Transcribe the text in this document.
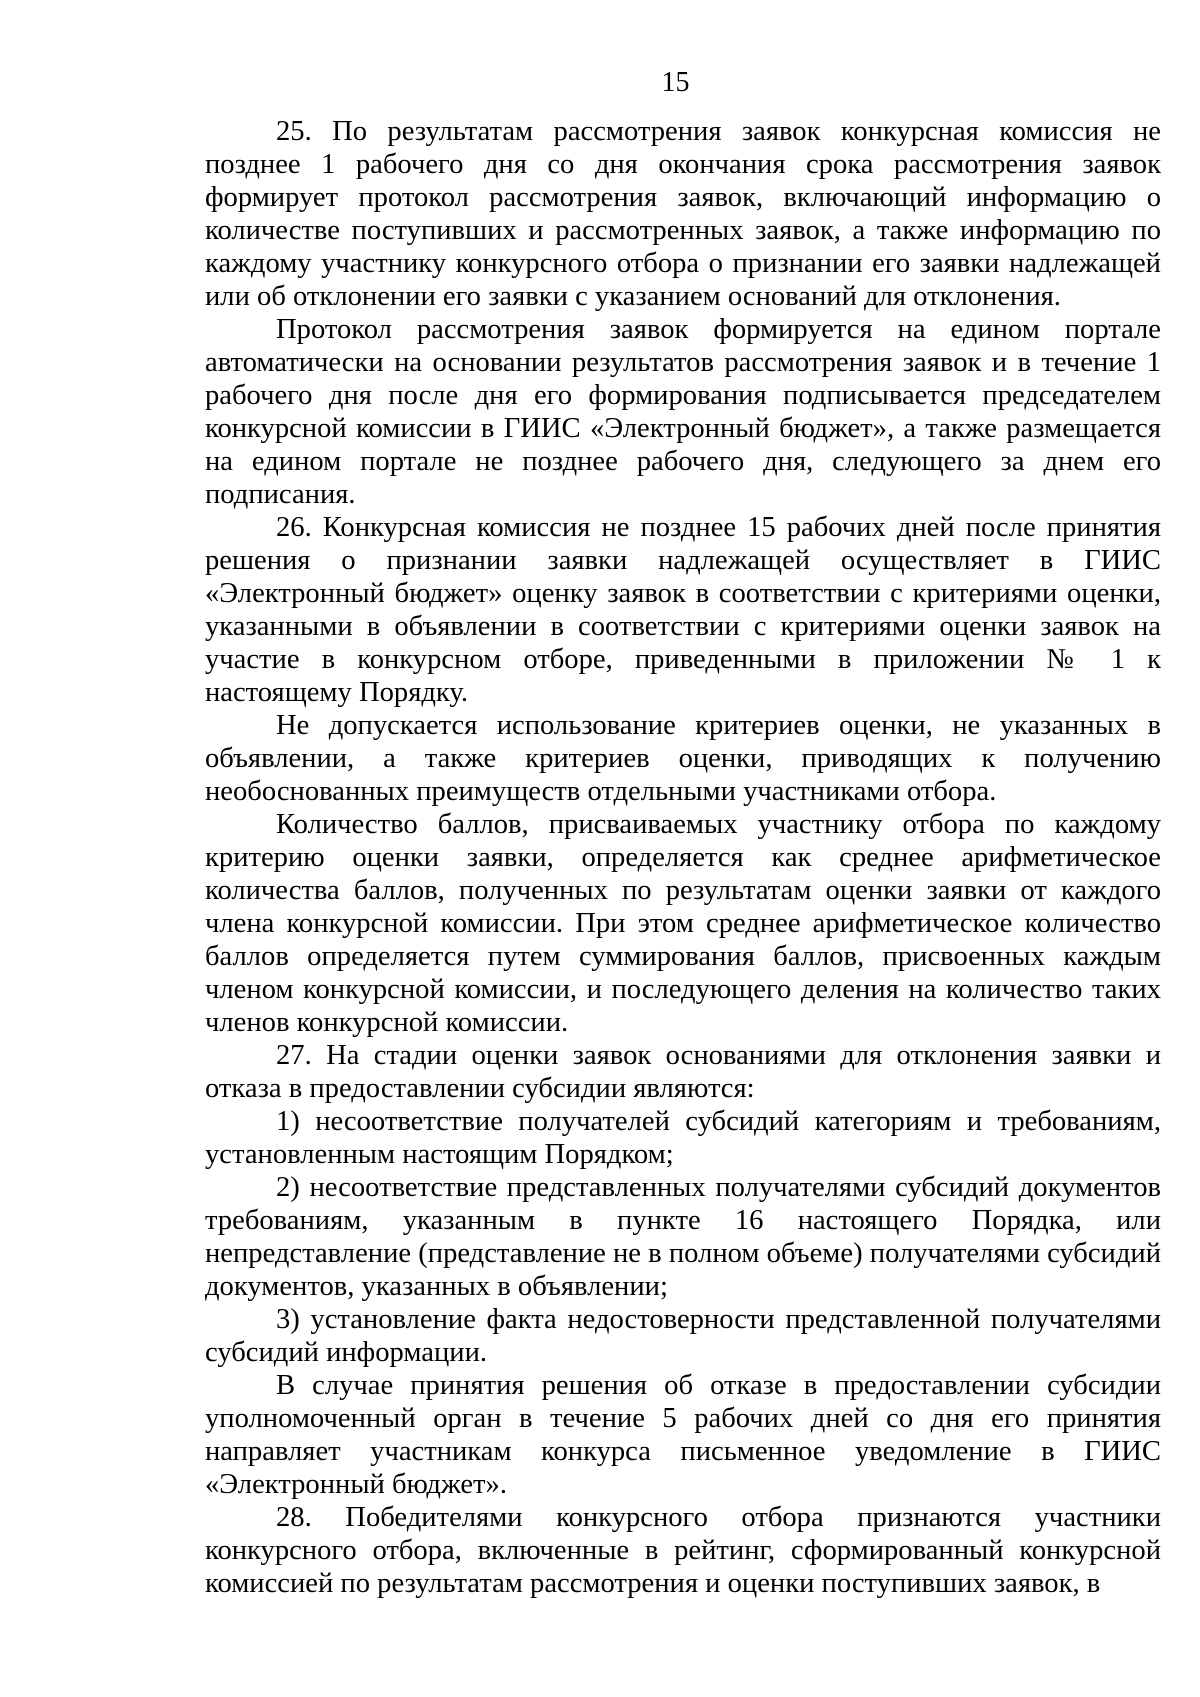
15

25. По результатам рассмотрения заявок конкурсная комиссия не позднее 1 рабочего дня со дня окончания срока рассмотрения заявок формирует протокол рассмотрения заявок, включающий информацию о количестве поступивших и рассмотренных заявок, а также информацию по каждому участнику конкурсного отбора о признании его заявки надлежащей или об отклонении его заявки с указанием оснований для отклонения.

Протокол рассмотрения заявок формируется на едином портале автоматически на основании результатов рассмотрения заявок и в течение 1 рабочего дня после дня его формирования подписывается председателем конкурсной комиссии в ГИИС «Электронный бюджет», а также размещается на едином портале не позднее рабочего дня, следующего за днем его подписания.

26. Конкурсная комиссия не позднее 15 рабочих дней после принятия решения о признании заявки надлежащей осуществляет в ГИИС «Электронный бюджет» оценку заявок в соответствии с критериями оценки, указанными в объявлении в соответствии с критериями оценки заявок на участие в конкурсном отборе, приведенными в приложении № 1 к настоящему Порядку.

Не допускается использование критериев оценки, не указанных в объявлении, а также критериев оценки, приводящих к получению необоснованных преимуществ отдельными участниками отбора.

Количество баллов, присваиваемых участнику отбора по каждому критерию оценки заявки, определяется как среднее арифметическое количества баллов, полученных по результатам оценки заявки от каждого члена конкурсной комиссии. При этом среднее арифметическое количество баллов определяется путем суммирования баллов, присвоенных каждым членом конкурсной комиссии, и последующего деления на количество таких членов конкурсной комиссии.

27. На стадии оценки заявок основаниями для отклонения заявки и отказа в предоставлении субсидии являются:

1) несоответствие получателей субсидий категориям и требованиям, установленным настоящим Порядком;

2) несоответствие представленных получателями субсидий документов требованиям, указанным в пункте 16 настоящего Порядка, или непредставление (представление не в полном объеме) получателями субсидий документов, указанных в объявлении;

3) установление факта недостоверности представленной получателями субсидий информации.

В случае принятия решения об отказе в предоставлении субсидии уполномоченный орган в течение 5 рабочих дней со дня его принятия направляет участникам конкурса письменное уведомление в ГИИС «Электронный бюджет».

28. Победителями конкурсного отбора признаются участники конкурсного отбора, включенные в рейтинг, сформированный конкурсной комиссией по результатам рассмотрения и оценки поступивших заявок, в
